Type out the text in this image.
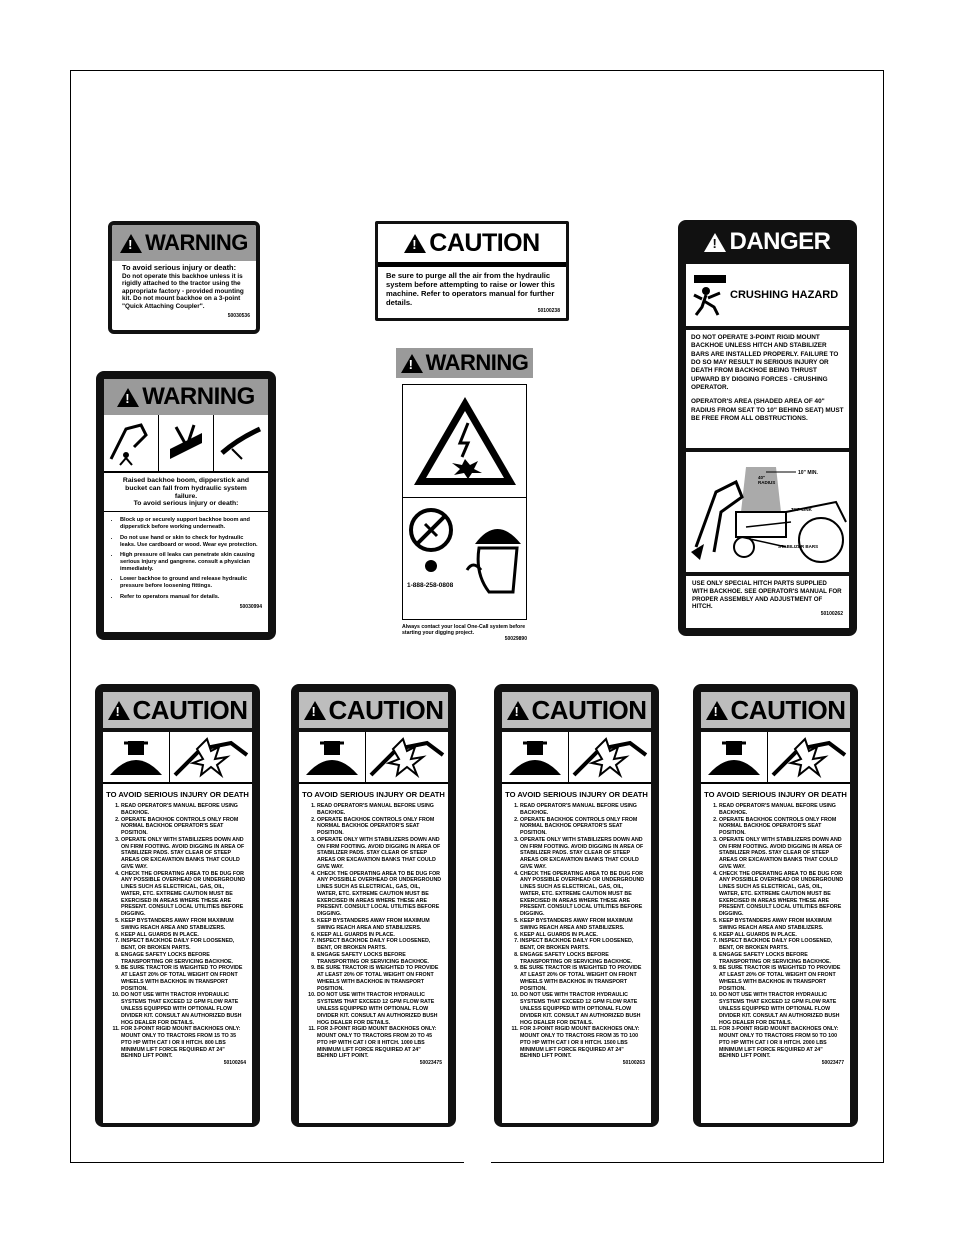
!
WARNING
To avoid serious injury or death:
Do not operate this backhoe unless it is rigidly attached to the tractor using the appropriate factory - provided mounting kit. Do not mount backhoe on a 3-point "Quick Attaching Coupler".
50030536
!
CAUTION
Be sure to purge all the air from the hydraulic system before attempting to raise or lower this machine. Refer to operators manual for further details.
50100238
!
DANGER
CRUSHING HAZARD
DO NOT OPERATE 3-POINT RIGID MOUNT BACKHOE UNLESS HITCH AND STABILIZER BARS ARE INSTALLED PROPERLY. FAILURE TO DO SO MAY RESULT IN SERIOUS INJURY OR DEATH FROM BACKHOE BEING THRUST UPWARD BY DIGGING FORCES - CRUSHING OPERATOR.
OPERATOR'S AREA (SHADED AREA OF 40" RADIUS FROM SEAT TO 10" BEHIND SEAT) MUST BE FREE FROM ALL OBSTRUCTIONS.
10" MIN.
40" RADIUS
TOP LINK
STABILIZER BARS
USE ONLY SPECIAL HITCH PARTS SUPPLIED WITH BACKHOE. SEE OPERATOR'S MANUAL FOR PROPER ASSEMBLY AND ADJUSTMENT OF HITCH.
50100262
!
WARNING
Raised backhoe boom, dipperstick and bucket can fall from hydraulic system failure.
To avoid serious injury or death:
• Block up or securely support backhoe boom and dipperstick before working underneath.
• Do not use hand or skin to check for hydraulic leaks. Use cardboard or wood. Wear eye protection.
• High pressure oil leaks can penetrate skin causing serious injury and gangrene. consult a physician immediately.
• Lower backhoe to ground and release hydraulic pressure before loosening fittings.
• Refer to operators manual for details.
50030994
!
WARNING
1-888-258-0808
Always contact your local One-Call system before starting your digging project.
50029890
!
CAUTION
TO AVOID SERIOUS INJURY OR DEATH
1. READ OPERATOR'S MANUAL BEFORE USING BACKHOE.
2. OPERATE BACKHOE CONTROLS ONLY FROM NORMAL BACKHOE OPERATOR'S SEAT POSITION.
3. OPERATE ONLY WITH STABILIZERS DOWN AND ON FIRM FOOTING. AVOID DIGGING IN AREA OF STABILIZER PADS. STAY CLEAR OF STEEP AREAS OR EXCAVATION BANKS THAT COULD GIVE WAY.
4. CHECK THE OPERATING AREA TO BE DUG FOR ANY POSSIBLE OVERHEAD OR UNDERGROUND LINES SUCH AS ELECTRICAL, GAS, OIL, WATER, ETC. EXTREME CAUTION MUST BE EXERCISED IN AREAS WHERE THESE ARE PRESENT. CONSULT LOCAL UTILITIES BEFORE DIGGING.
5. KEEP BYSTANDERS AWAY FROM MAXIMUM SWING REACH AREA AND STABILIZERS.
6. KEEP ALL GUARDS IN PLACE.
7. INSPECT BACKHOE DAILY FOR LOOSENED, BENT, OR BROKEN PARTS.
8. ENGAGE SAFETY LOCKS BEFORE TRANSPORTING OR SERVICING BACKHOE.
9. BE SURE TRACTOR IS WEIGHTED TO PROVIDE AT LEAST 20% OF TOTAL WEIGHT ON FRONT WHEELS WITH BACKHOE IN TRANSPORT POSITION.
10. DO NOT USE WITH TRACTOR HYDRAULIC SYSTEMS THAT EXCEED 12 GPM FLOW RATE UNLESS EQUIPPED WITH OPTIONAL FLOW DIVIDER KIT. CONSULT AN AUTHORIZED BUSH HOG DEALER FOR DETAILS.
11. FOR 3-POINT RIGID MOUNT BACKHOES ONLY: MOUNT ONLY TO TRACTORS FROM 15 TO 35 PTO HP WITH CAT I OR II HITCH. 800 LBS MINIMUM LIFT FORCE REQUIRED AT 24" BEHIND LIFT POINT.
50100264
!
CAUTION
TO AVOID SERIOUS INJURY OR DEATH
1. READ OPERATOR'S MANUAL BEFORE USING BACKHOE.
2. OPERATE BACKHOE CONTROLS ONLY FROM NORMAL BACKHOE OPERATOR'S SEAT POSITION.
3. OPERATE ONLY WITH STABILIZERS DOWN AND ON FIRM FOOTING. AVOID DIGGING IN AREA OF STABILIZER PADS. STAY CLEAR OF STEEP AREAS OR EXCAVATION BANKS THAT COULD GIVE WAY.
4. CHECK THE OPERATING AREA TO BE DUG FOR ANY POSSIBLE OVERHEAD OR UNDERGROUND LINES SUCH AS ELECTRICAL, GAS, OIL, WATER, ETC. EXTREME CAUTION MUST BE EXERCISED IN AREAS WHERE THESE ARE PRESENT. CONSULT LOCAL UTILITIES BEFORE DIGGING.
5. KEEP BYSTANDERS AWAY FROM MAXIMUM SWING REACH AREA AND STABILIZERS.
6. KEEP ALL GUARDS IN PLACE.
7. INSPECT BACKHOE DAILY FOR LOOSENED, BENT, OR BROKEN PARTS.
8. ENGAGE SAFETY LOCKS BEFORE TRANSPORTING OR SERVICING BACKHOE.
9. BE SURE TRACTOR IS WEIGHTED TO PROVIDE AT LEAST 20% OF TOTAL WEIGHT ON FRONT WHEELS WITH BACKHOE IN TRANSPORT POSITION.
10. DO NOT USE WITH TRACTOR HYDRAULIC SYSTEMS THAT EXCEED 12 GPM FLOW RATE UNLESS EQUIPPED WITH OPTIONAL FLOW DIVIDER KIT. CONSULT AN AUTHORIZED BUSH HOG DEALER FOR DETAILS.
11. FOR 3-POINT RIGID MOUNT BACKHOES ONLY: MOUNT ONLY TO TRACTORS FROM 20 TO 45 PTO HP WITH CAT I OR II HITCH. 1000 LBS MINIMUM LIFT FORCE REQUIRED AT 24" BEHIND LIFT POINT.
50023475
!
CAUTION
TO AVOID SERIOUS INJURY OR DEATH
1. READ OPERATOR'S MANUAL BEFORE USING BACKHOE.
2. OPERATE BACKHOE CONTROLS ONLY FROM NORMAL BACKHOE OPERATOR'S SEAT POSITION.
3. OPERATE ONLY WITH STABILIZERS DOWN AND ON FIRM FOOTING. AVOID DIGGING IN AREA OF STABILIZER PADS. STAY CLEAR OF STEEP AREAS OR EXCAVATION BANKS THAT COULD GIVE WAY.
4. CHECK THE OPERATING AREA TO BE DUG FOR ANY POSSIBLE OVERHEAD OR UNDERGROUND LINES SUCH AS ELECTRICAL, GAS, OIL, WATER, ETC. EXTREME CAUTION MUST BE EXERCISED IN AREAS WHERE THESE ARE PRESENT. CONSULT LOCAL UTILITIES BEFORE DIGGING.
5. KEEP BYSTANDERS AWAY FROM MAXIMUM SWING REACH AREA AND STABILIZERS.
6. KEEP ALL GUARDS IN PLACE.
7. INSPECT BACKHOE DAILY FOR LOOSENED, BENT, OR BROKEN PARTS.
8. ENGAGE SAFETY LOCKS BEFORE TRANSPORTING OR SERVICING BACKHOE.
9. BE SURE TRACTOR IS WEIGHTED TO PROVIDE AT LEAST 20% OF TOTAL WEIGHT ON FRONT WHEELS WITH BACKHOE IN TRANSPORT POSITION.
10. DO NOT USE WITH TRACTOR HYDRAULIC SYSTEMS THAT EXCEED 12 GPM FLOW RATE UNLESS EQUIPPED WITH OPTIONAL FLOW DIVIDER KIT. CONSULT AN AUTHORIZED BUSH HOG DEALER FOR DETAILS.
11. FOR 3-POINT RIGID MOUNT BACKHOES ONLY: MOUNT ONLY TO TRACTORS FROM 35 TO 100 PTO HP WITH CAT I OR II HITCH. 1500 LBS MINIMUM LIFT FORCE REQUIRED AT 24" BEHIND LIFT POINT.
50100263
!
CAUTION
TO AVOID SERIOUS INJURY OR DEATH
1. READ OPERATOR'S MANUAL BEFORE USING BACKHOE.
2. OPERATE BACKHOE CONTROLS ONLY FROM NORMAL BACKHOE OPERATOR'S SEAT POSITION.
3. OPERATE ONLY WITH STABILIZERS DOWN AND ON FIRM FOOTING. AVOID DIGGING IN AREA OF STABILIZER PADS. STAY CLEAR OF STEEP AREAS OR EXCAVATION BANKS THAT COULD GIVE WAY.
4. CHECK THE OPERATING AREA TO BE DUG FOR ANY POSSIBLE OVERHEAD OR UNDERGROUND LINES SUCH AS ELECTRICAL, GAS, OIL, WATER, ETC. EXTREME CAUTION MUST BE EXERCISED IN AREAS WHERE THESE ARE PRESENT. CONSULT LOCAL UTILITIES BEFORE DIGGING.
5. KEEP BYSTANDERS AWAY FROM MAXIMUM SWING REACH AREA AND STABILIZERS.
6. KEEP ALL GUARDS IN PLACE.
7. INSPECT BACKHOE DAILY FOR LOOSENED, BENT, OR BROKEN PARTS.
8. ENGAGE SAFETY LOCKS BEFORE TRANSPORTING OR SERVICING BACKHOE.
9. BE SURE TRACTOR IS WEIGHTED TO PROVIDE AT LEAST 20% OF TOTAL WEIGHT ON FRONT WHEELS WITH BACKHOE IN TRANSPORT POSITION.
10. DO NOT USE WITH TRACTOR HYDRAULIC SYSTEMS THAT EXCEED 12 GPM FLOW RATE UNLESS EQUIPPED WITH OPTIONAL FLOW DIVIDER KIT. CONSULT AN AUTHORIZED BUSH HOG DEALER FOR DETAILS.
11. FOR 3-POINT RIGID MOUNT BACKHOES ONLY: MOUNT ONLY TO TRACTORS FROM 50 TO 100 PTO HP WITH CAT I OR II HITCH. 2000 LBS MINIMUM LIFT FORCE REQUIRED AT 24" BEHIND LIFT POINT.
50023477
